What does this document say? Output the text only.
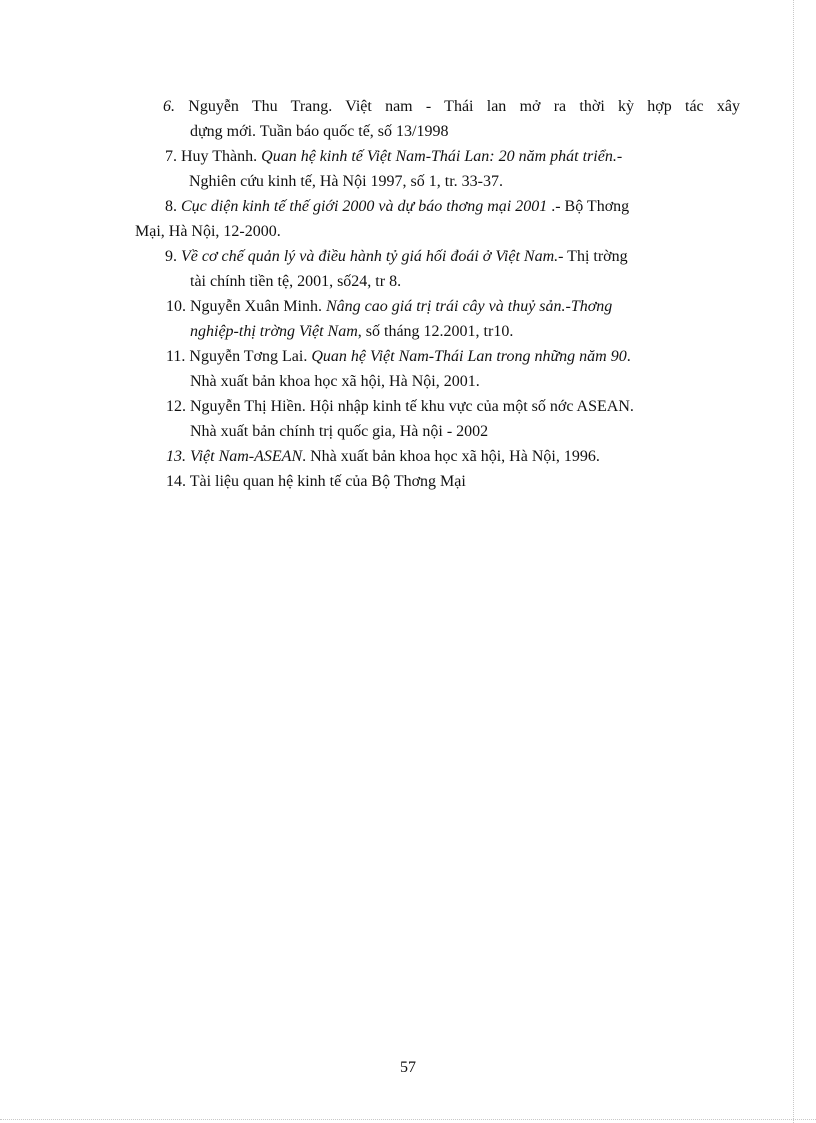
6. Nguyễn Thu Trang. Việt nam - Thái lan mở ra thời kỳ hợp tác xây
dựng mới. Tuần báo quốc tế, số 13/1998
7. Huy Thành. Quan hệ kinh tế Việt Nam-Thái Lan: 20 năm phát triển.-
Nghiên cứu kinh tế, Hà Nội 1997, số 1, tr. 33-37.
8. Cục diện kinh tế thế giới 2000 và dự báo thơng mại 2001 .- Bộ Thơng
Mại, Hà Nội, 12-2000.
9. Về cơ chế quản lý và điều hành tỷ giá hối đoái ở Việt Nam.- Thị trờng
tài chính tiền tệ, 2001, số24, tr 8.
10. Nguyễn Xuân Minh. Nâng cao giá trị trái cây và thuỷ sản.-Thơng
nghiệp-thị trờng Việt Nam, số tháng 12.2001, tr10.
11. Nguyễn Tơng Lai. Quan hệ Việt Nam-Thái Lan trong những năm 90.
Nhà xuất bản khoa học xã hội, Hà Nội, 2001.
12. Nguyễn Thị Hiền. Hội nhập kinh tế khu vực của một số nớc ASEAN.
Nhà xuất bản chính trị quốc gia, Hà nội - 2002
13. Việt Nam-ASEAN. Nhà xuất bản khoa học xã hội, Hà Nội, 1996.
14. Tài liệu quan hệ kinh tế của Bộ Thơng Mại
57
